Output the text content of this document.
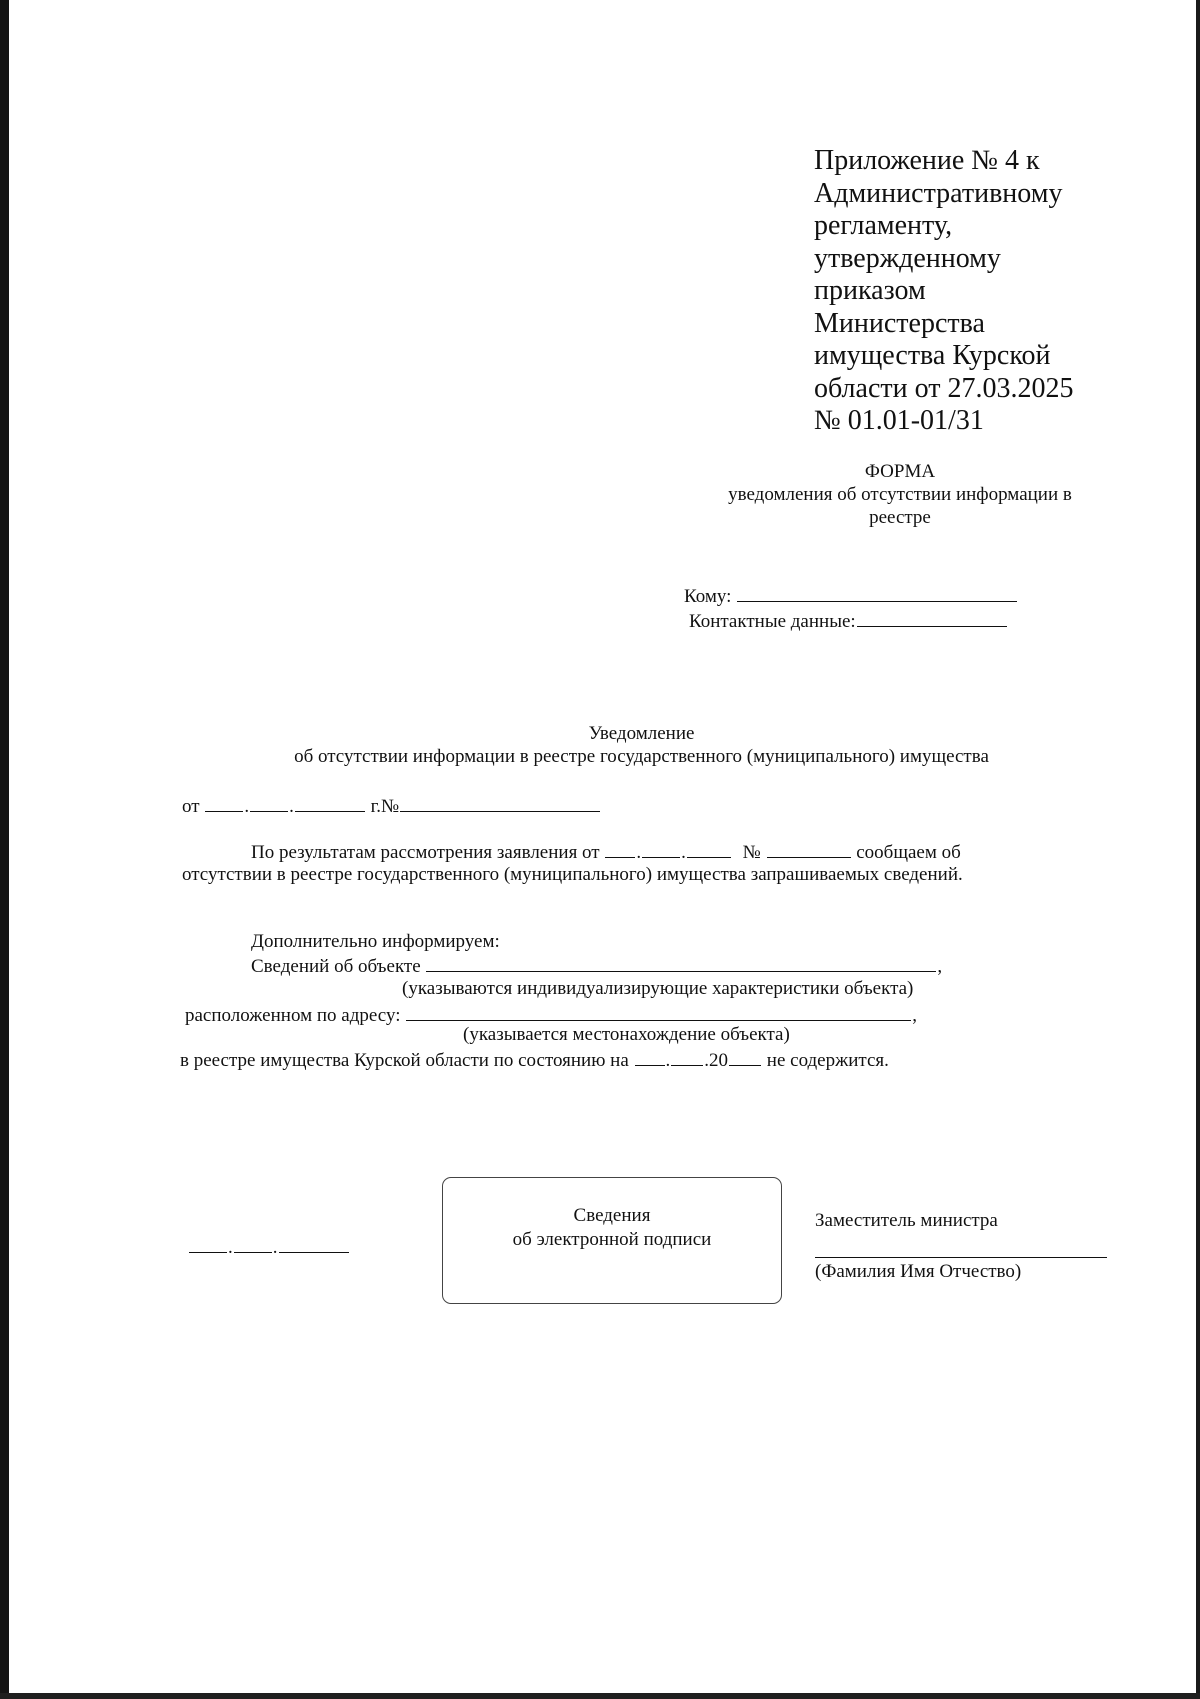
Приложение № 4 к
Административному
регламенту,
утвержденному
приказом
Министерства
имущества Курской
области от 27.03.2025
№ 01.01-01/31
ФОРМА
уведомления об отсутствии информации в
реестре
Кому:
Контактные данные:
Уведомление
об отсутствии информации в реестре государственного (муниципального) имущества
от . .	г.№
По результатам рассмотрения заявления от . .	№	сообщаем об
отсутствии в реестре государственного (муниципального) имущества запрашиваемых сведений.
Дополнительно информируем:
Сведений об объекте	,
(указываются индивидуализирующие характеристики объекта)
расположенном по адресу:	,
(указывается местонахождение объекта)
в реестре имущества Курской области по состоянию на . .20 не содержится.
. .
Сведения
об электронной подписи
Заместитель министра
(Фамилия Имя Отчество)
